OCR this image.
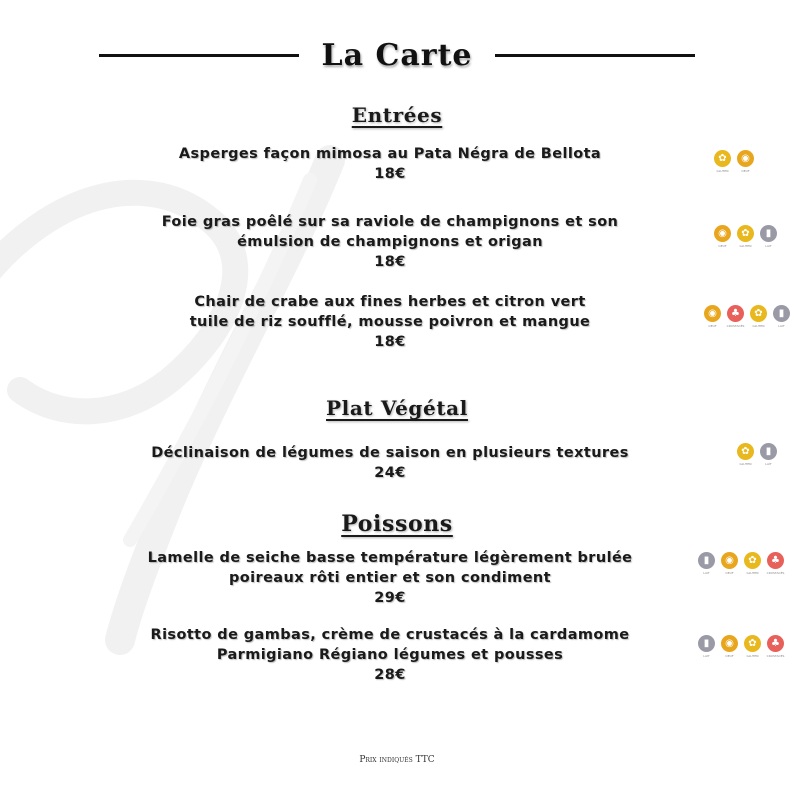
La Carte
Entrées
Asperges façon mimosa au Pata Négra de Bellota
18€
✿
GLUTEN
◉
OEUF
Foie gras poêlé sur sa raviole de champignons et son
émulsion de champignons et origan
18€
◉
OEUF
✿
GLUTEN
▮
LAIT
Chair de crabe aux fines herbes et citron vert
tuile de riz soufflé, mousse poivron et mangue
18€
◉
OEUF
♣
CRUSTACÉS
✿
GLUTEN
▮
LAIT
Plat Végétal
Déclinaison de légumes de saison en plusieurs textures
24€
✿
GLUTEN
▮
LAIT
Poissons
Lamelle de seiche basse température légèrement brulée
poireaux rôti entier et son condiment
29€
▮
LAIT
◉
OEUF
✿
GLUTEN
♣
CRUSTACÉS
Risotto de gambas, crème de crustacés à la cardamome
Parmigiano Régiano légumes et pousses
28€
▮
LAIT
◉
OEUF
✿
GLUTEN
♣
CRUSTACÉS
Prix indiqués TTC
